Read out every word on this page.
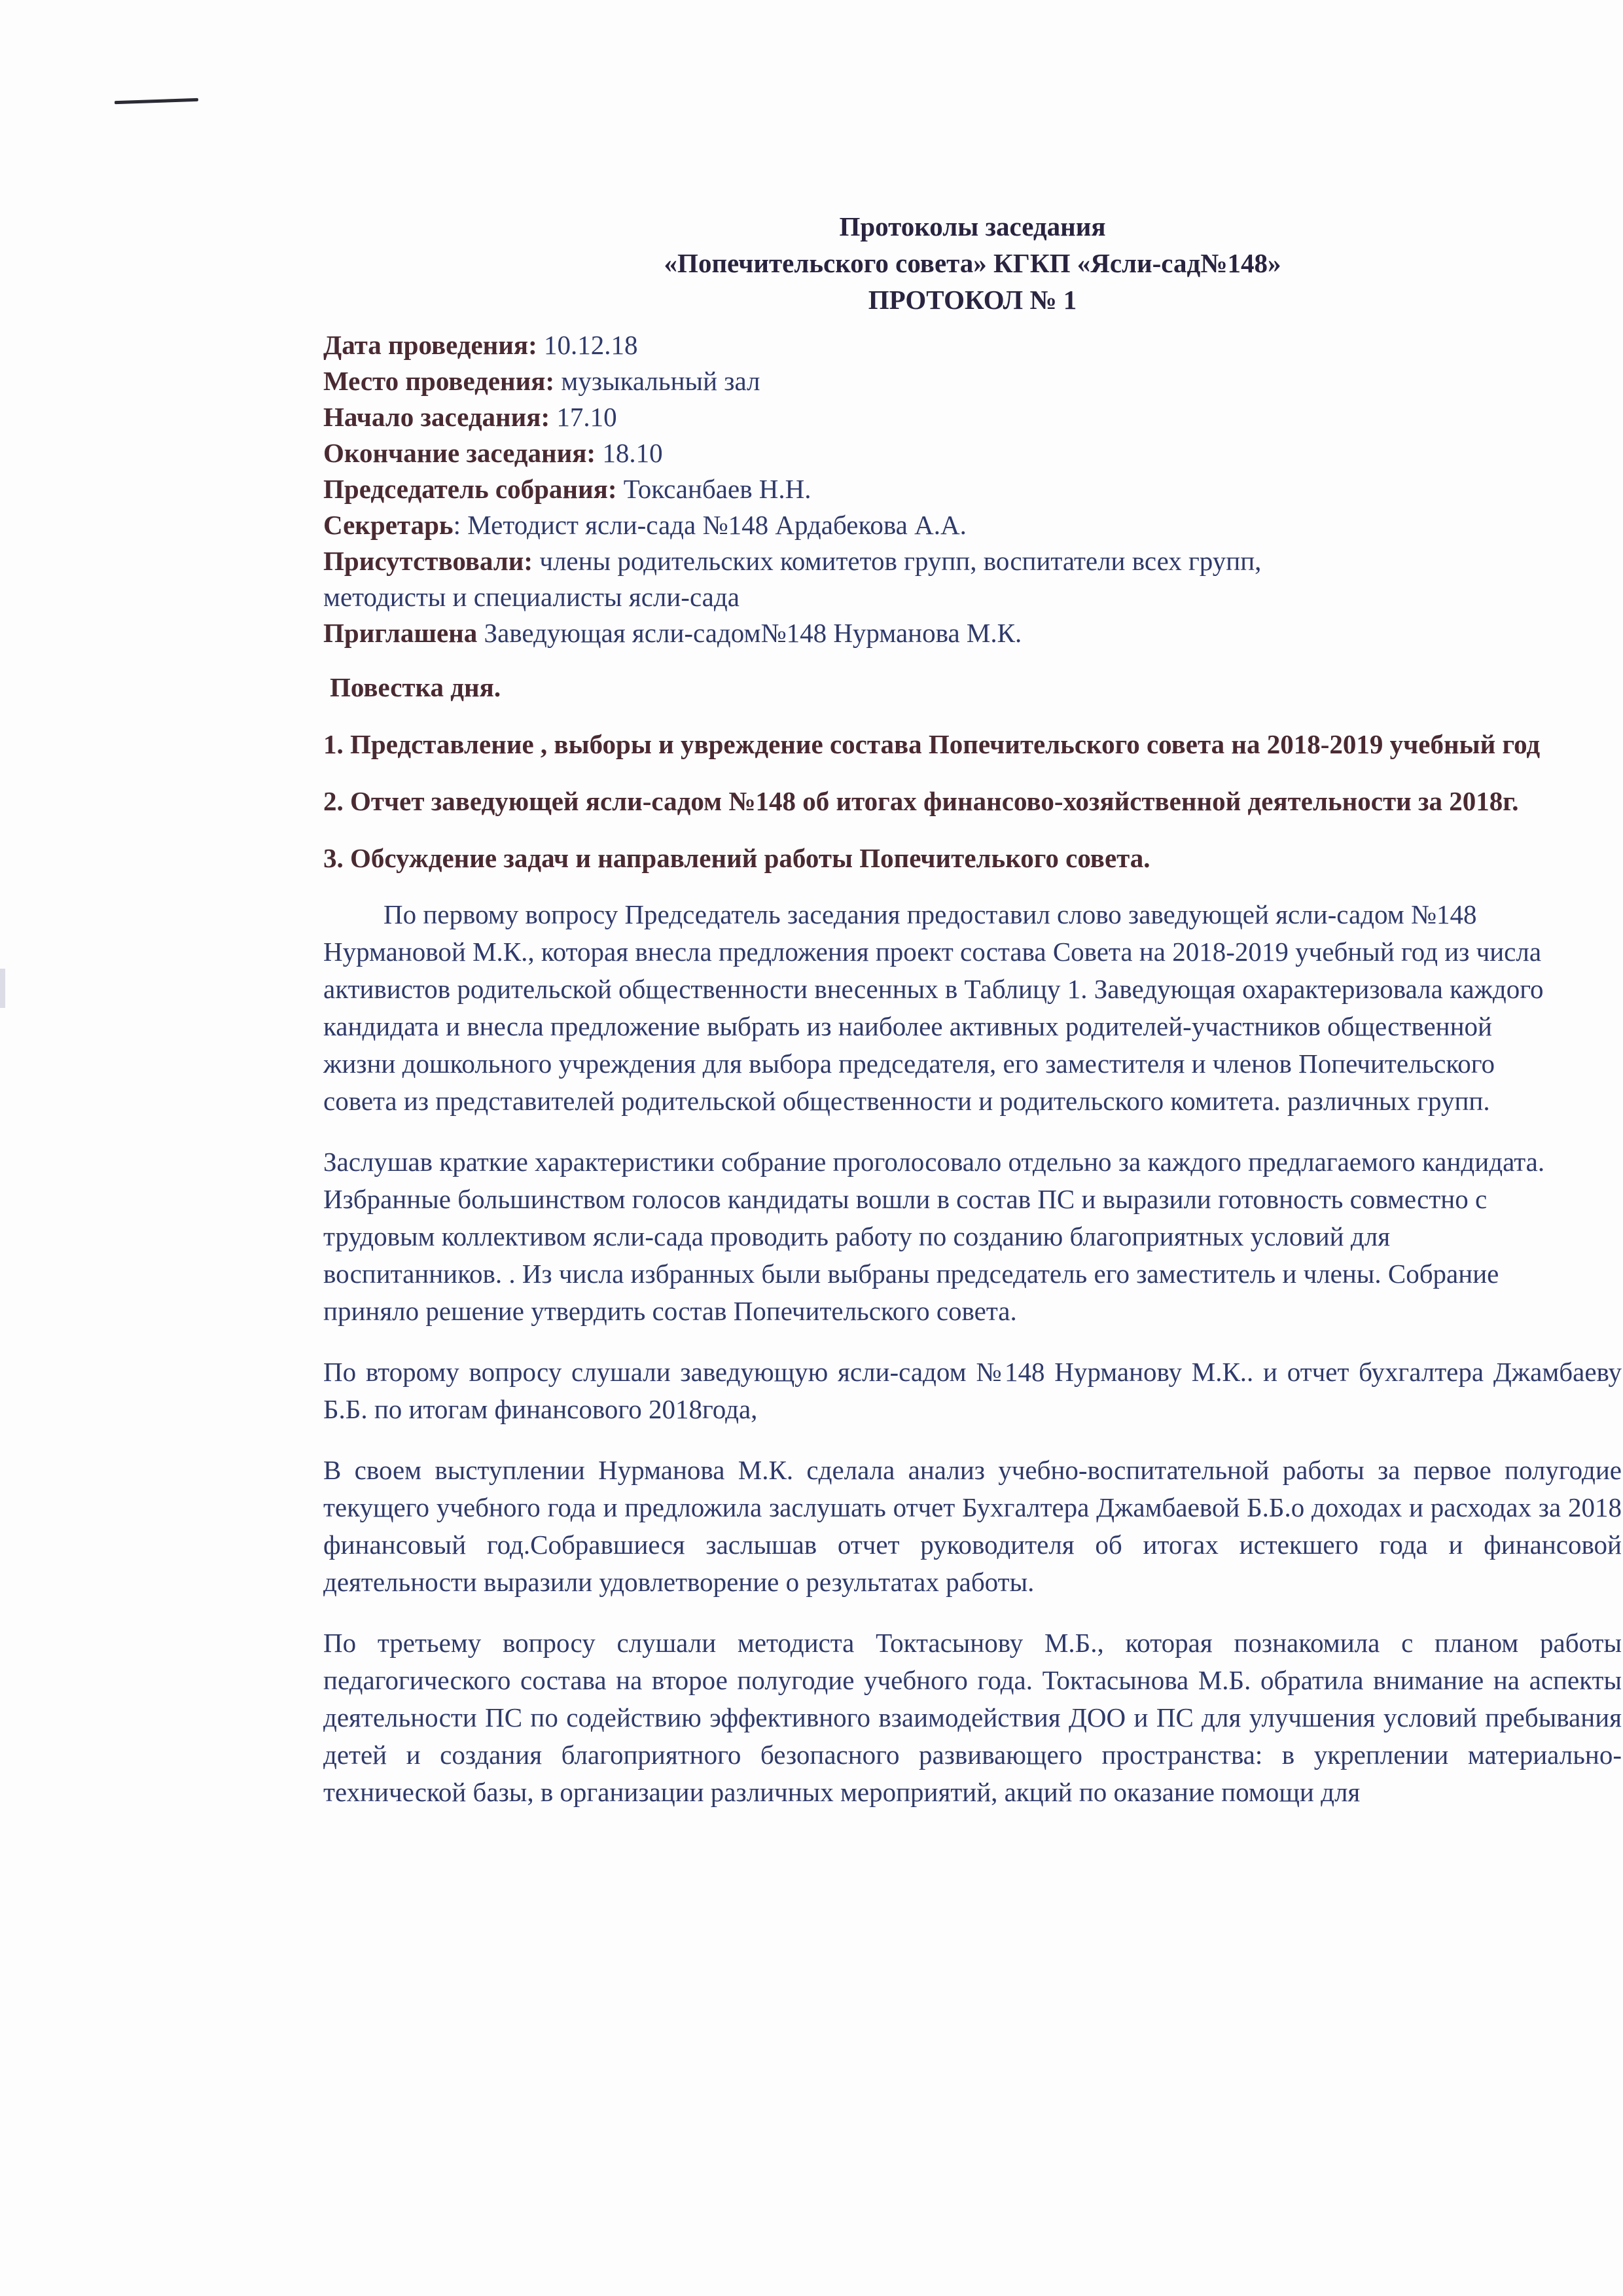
Протоколы заседания
«Попечительского совета» КГКП «Ясли-сад№148»
ПРОТОКОЛ № 1
Дата проведения: 10.12.18
Место проведения: музыкальный зал
Начало заседания: 17.10
Окончание заседания: 18.10
Председатель собрания: Токсанбаев Н.Н.
Секретарь: Методист ясли-сада №148 Ардабекова А.А.
Присутствовали: члены родительских комитетов групп, воспитатели всех групп,
методисты и специалисты ясли-сада
Приглашена Заведующая ясли-садом№148 Нурманова М.К.
Повестка дня.
1. Представление , выборы и увреждение состава Попечительского совета на 2018-2019 учебный год
2. Отчет заведующей ясли-садом №148 об итогах финансово-хозяйственной деятельности за 2018г.
3. Обсуждение задач и направлений работы Попечителького совета.
По первому вопросу Председатель заседания предоставил слово заведующей ясли-садом №148 Нурмановой М.К., которая внесла предложения проект состава Совета на 2018-2019 учебный год из числа активистов родительской общественности внесенных в Таблицу 1. Заведующая охарактеризовала каждого кандидата и внесла предложение выбрать из наиболее активных родителей-участников общественной жизни дошкольного учреждения для выбора председателя, его заместителя и членов Попечительского совета из представителей родительской общественности и родительского комитета. различных групп.
Заслушав краткие характеристики собрание проголосовало отдельно за каждого предлагаемого кандидата. Избранные большинством голосов кандидаты вошли в состав ПС и выразили готовность совместно с трудовым коллективом ясли-сада проводить работу по созданию благоприятных условий для воспитанников. . Из числа избранных были выбраны председатель его заместитель и члены. Собрание приняло решение утвердить состав Попечительского совета.
По второму вопросу слушали заведующую ясли-садом №148 Нурманову М.К.. и отчет бухгалтера Джамбаеву Б.Б. по итогам финансового 2018года,
В своем выступлении Нурманова М.К. сделала анализ учебно-воспитательной работы за первое полугодие текущего учебного года и предложила заслушать отчет Бухгалтера Джамбаевой Б.Б.о доходах и расходах за 2018 финансовый год.Собравшиеся заслышав отчет руководителя об итогах истекшего года и финансовой деятельности выразили удовлетворение о результатах работы.
По третьему вопросу слушали методиста Токтасынову М.Б., которая познакомила с планом работы педагогического состава на второе полугодие учебного года. Токтасынова М.Б. обратила внимание на аспекты деятельности ПС по содействию эффективного взаимодействия ДОО и ПС для улучшения условий пребывания детей и создания благоприятного безопасного развивающего пространства: в укреплении материально-технической базы, в организации различных мероприятий, акций по оказание помощи для
